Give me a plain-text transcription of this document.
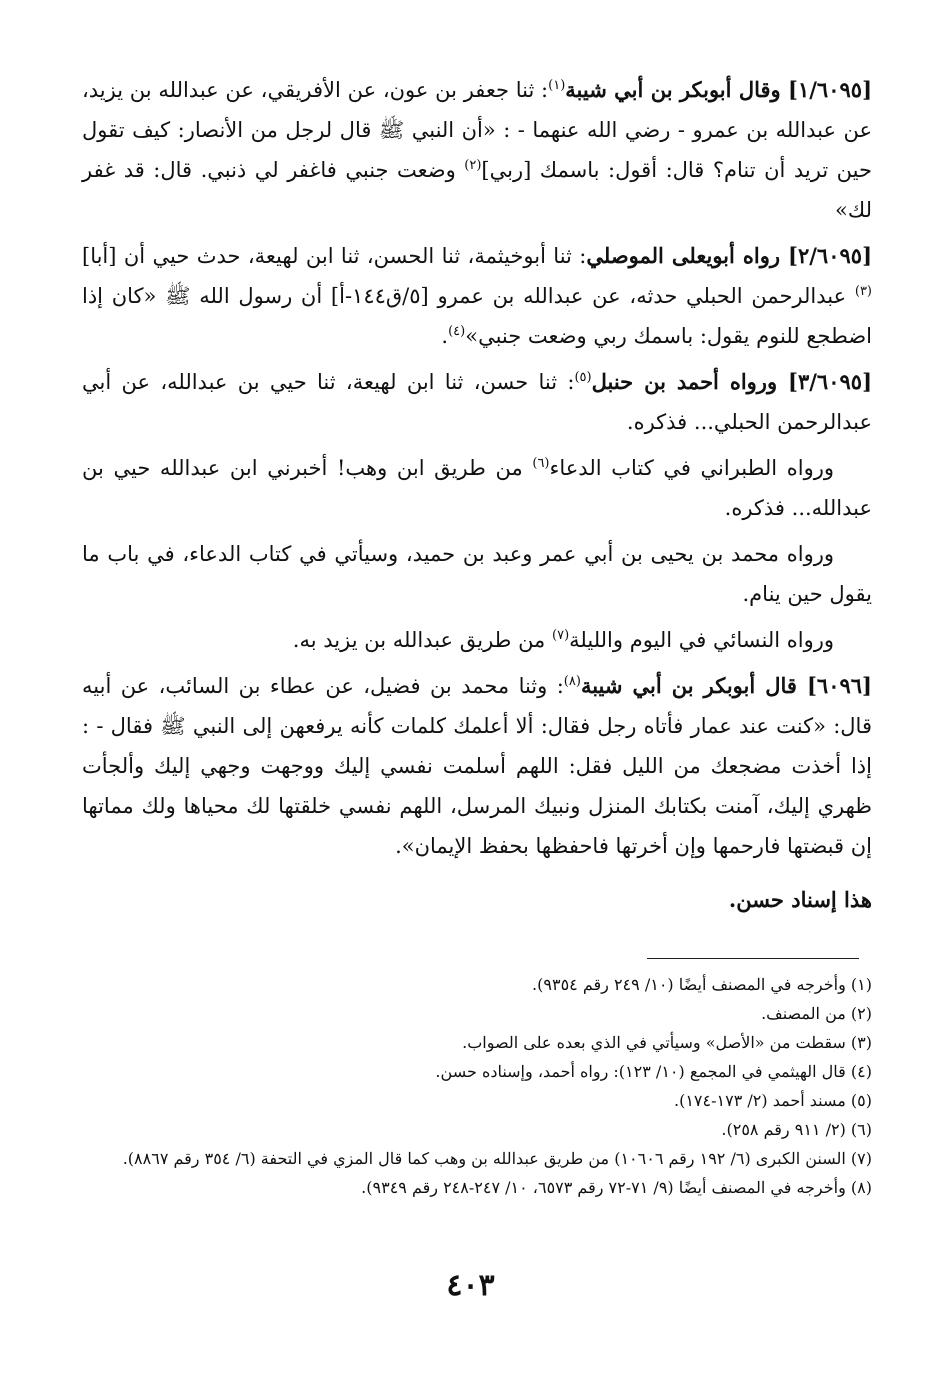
[١/٦٠٩٥] وقال أبوبكر بن أبي شيبة$^{(١)}$: ثنا جعفر بن عون، عن الأفريقي، عن عبدالله بن يزيد، عن عبدالله بن عمرو - رضي الله عنهما - : «أن النبي ﷺ قال لرجل من الأنصار: كيف تقول حين تريد أن تنام؟ قال: أقول: باسمك [ربي]$^{(٢)}$ وضعت جنبي فاغفر لي ذنبي. قال: قد غفر لك»

[٢/٦٠٩٥] رواه أبويعلى الموصلي: ثنا أبوخيثمة، ثنا الحسن، ثنا ابن لهيعة، حدث حيي أن [أبا]$^{(٣)}$ عبدالرحمن الحبلي حدثه، عن عبدالله بن عمرو [٥/ق١٤٤-أ] أن رسول الله ﷺ «كان إذا اضطجع للنوم يقول: باسمك ربي وضعت جنبي»$^{(٤)}$.

[٣/٦٠٩٥] ورواه أحمد بن حنبل$^{(٥)}$: ثنا حسن، ثنا ابن لهيعة، ثنا حيي بن عبدالله، عن أبي عبدالرحمن الحبلي... فذكره.

ورواه الطبراني في كتاب الدعاء$^{(٦)}$ من طريق ابن وهب! أخبرني ابن عبدالله حيي بن عبدالله... فذكره.

ورواه محمد بن يحيى بن أبي عمر وعبد بن حميد، وسيأتي في كتاب الدعاء، في باب ما يقول حين ينام.

ورواه النسائي في اليوم والليلة$^{(٧)}$ من طريق عبدالله بن يزيد به.

[٦٠٩٦] قال أبوبكر بن أبي شيبة$^{(٨)}$: وثنا محمد بن فضيل، عن عطاء بن السائب، عن أبيه قال: «كنت عند عمار فأتاه رجل فقال: ألا أعلمك كلمات كأنه يرفعهن إلى النبي ﷺ فقال - : إذا أخذت مضجعك من الليل فقل: اللهم أسلمت نفسي إليك ووجهت وجهي إليك وألجأت ظهري إليك، آمنت بكتابك المنزل ونبيك المرسل، اللهم نفسي خلقتها لك محياها ولك مماتها إن قبضتها فارحمها وإن أخرتها فاحفظها بحفظ الإيمان».

هذا إسناد حسن.

(١) وأخرجه في المصنف أيضًا (١٠/ ٢٤٩ رقم ٩٣٥٤).

(٢) من المصنف.

(٣) سقطت من «الأصل» وسيأتي في الذي بعده على الصواب.

(٤) قال الهيثمي في المجمع (١٠/ ١٢٣): رواه أحمد، وإسناده حسن.

(٥) مسند أحمد (٢/ ١٧٣-١٧٤).

(٦) (٢/ ٩١١ رقم ٢٥٨).

(٧) السنن الكبرى (٦/ ١٩٢ رقم ١٠٦٠٦) من طريق عبدالله بن وهب كما قال المزي في التحفة (٦/ ٣٥٤ رقم ٨٨٦٧).

(٨) وأخرجه في المصنف أيضًا (٩/ ٧١-٧٢ رقم ٦٥٧٣، ١٠/ ٢٤٧-٢٤٨ رقم ٩٣٤٩).

٤٠٣
